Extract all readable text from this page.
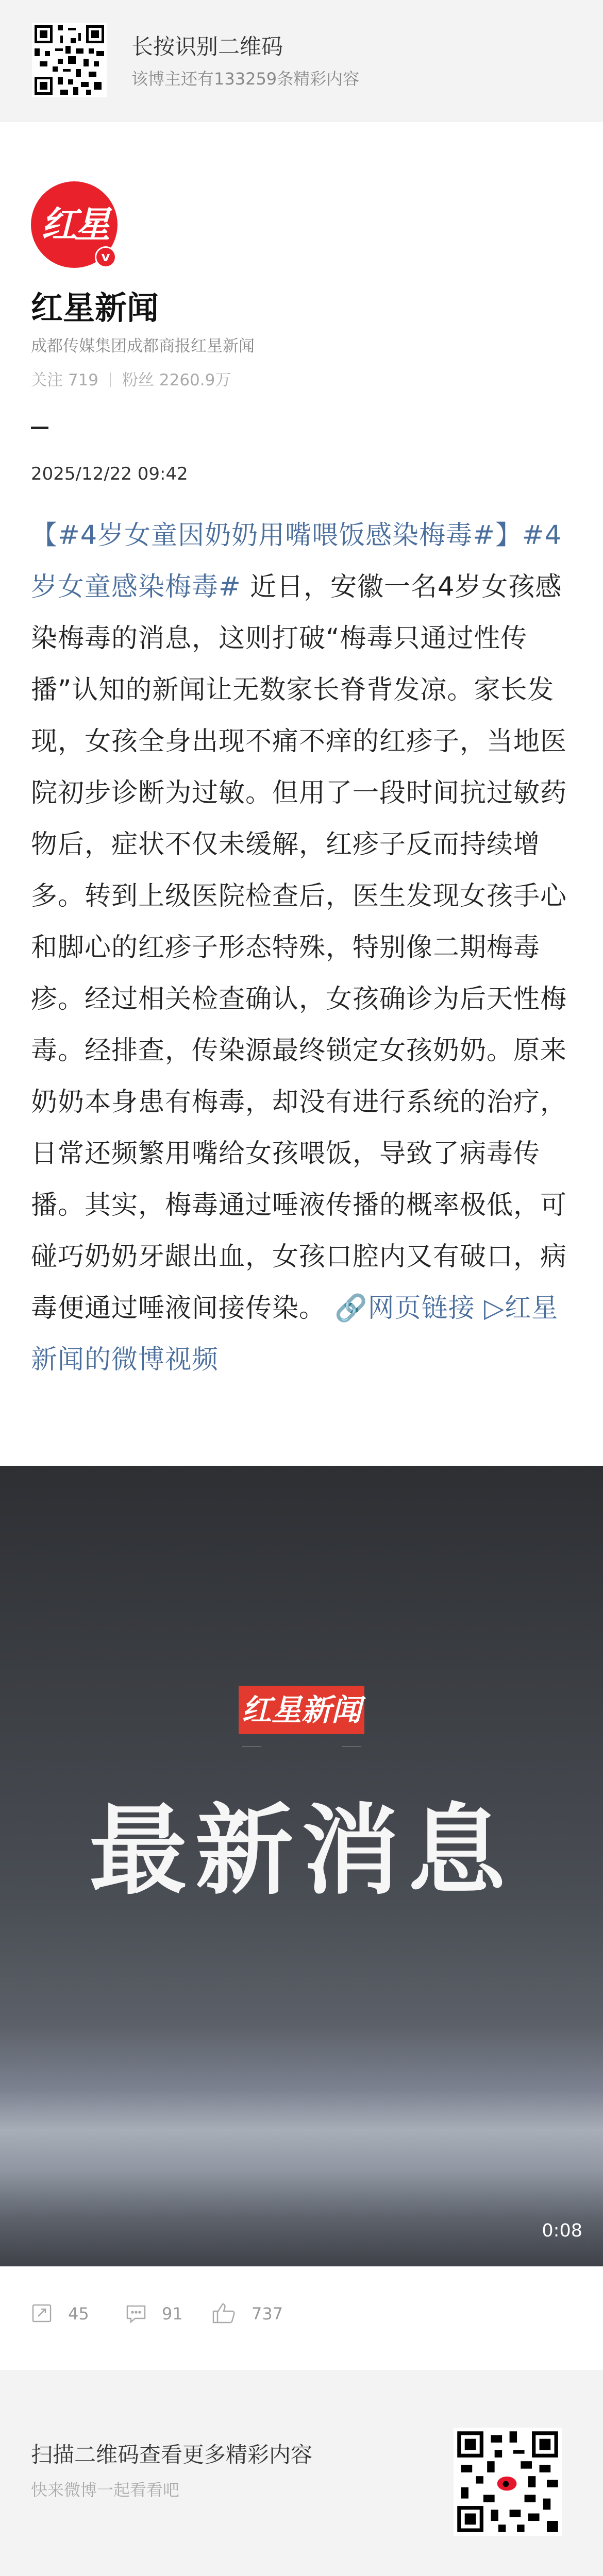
长按识别二维码
该博主还有133259条精彩内容
红星
v
红星新闻
成都传媒集团成都商报红星新闻
关注 719 粉丝 2260.9万
2025/12/22 09:42
【#4岁女童因奶奶用嘴喂饭感染梅毒#】#4岁女童感染梅毒# 近日，安徽一名4岁女孩感染梅毒的消息，这则打破“梅毒只通过性传播”认知的新闻让无数家长脊背发凉。家长发现，女孩全身出现不痛不痒的红疹子，当地医院初步诊断为过敏。但用了一段时间抗过敏药物后，症状不仅未缓解，红疹子反而持续增多。转到上级医院检查后，医生发现女孩手心和脚心的红疹子形态特殊，特别像二期梅毒疹。经过相关检查确认，女孩确诊为后天性梅毒。经排查，传染源最终锁定女孩奶奶。原来奶奶本身患有梅毒，却没有进行系统的治疗，日常还频繁用嘴给女孩喂饭，导致了病毒传播。其实，梅毒通过唾液传播的概率极低，可碰巧奶奶牙龈出血，女孩口腔内又有破口，病毒便通过唾液间接传染。 🔗网页链接 ▷红星新闻的微博视频
红星新闻
最新消息
0:08
45	91	737
扫描二维码查看更多精彩内容
快来微博一起看看吧
